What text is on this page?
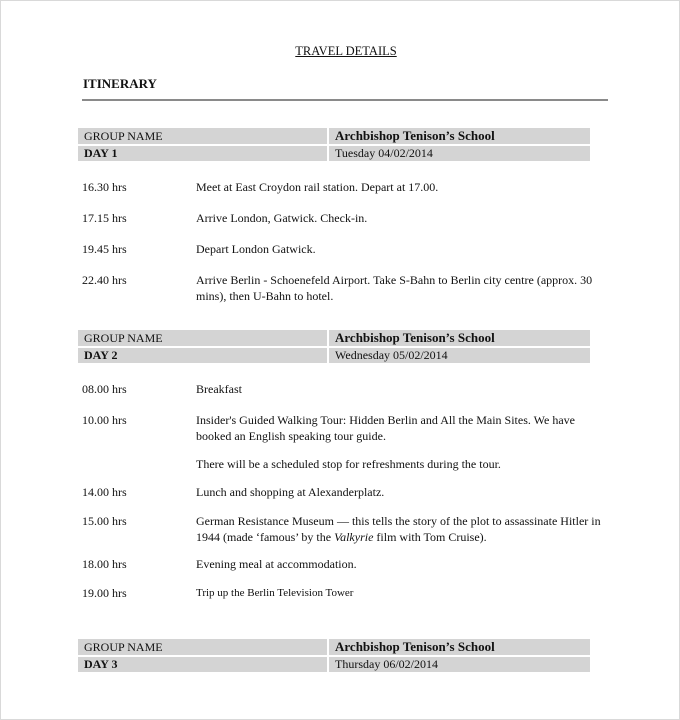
TRAVEL DETAILS
ITINERARY
GROUP NAME	Archbishop Tenison’s School
DAY 1	Tuesday 04/02/2014
16.30 hrs	Meet at East Croydon rail station. Depart at 17.00.

17.15 hrs	Arrive London, Gatwick. Check-in.

19.45 hrs	Depart London Gatwick.

22.40 hrs	Arrive Berlin - Schoenefeld Airport. Take S-Bahn to Berlin city centre (approx. 30 mins), then U-Bahn to hotel.

GROUP NAME	Archbishop Tenison’s School
DAY 2	Wednesday 05/02/2014
08.00 hrs	Breakfast

10.00 hrs	Insider's Guided Walking Tour: Hidden Berlin and All the Main Sites. We have booked an English speaking tour guide.

There will be a scheduled stop for refreshments during the tour.

14.00 hrs	Lunch and shopping at Alexanderplatz.

15.00 hrs	German Resistance Museum — this tells the story of the plot to assassinate Hitler in 1944 (made ‘famous’ by the Valkyrie film with Tom Cruise).

18.00 hrs	Evening meal at accommodation.

19.00 hrs	Trip up the Berlin Television Tower

GROUP NAME	Archbishop Tenison’s School
DAY 3	Thursday 06/02/2014
